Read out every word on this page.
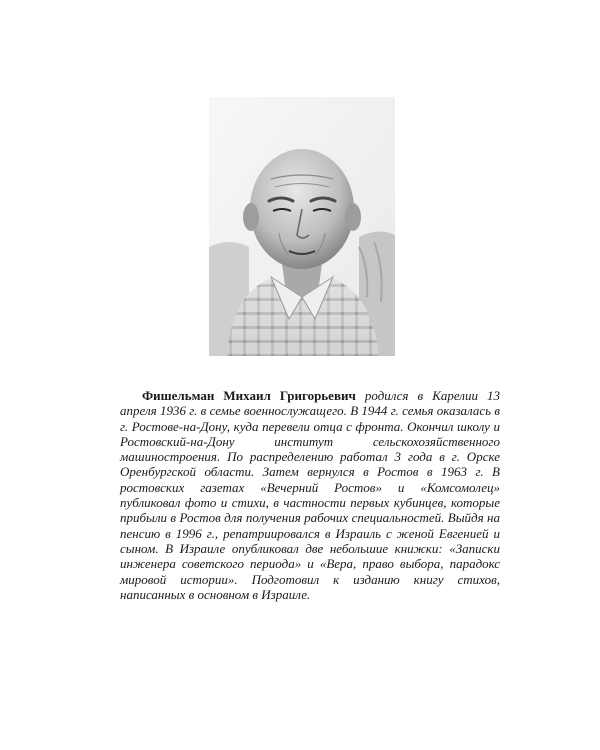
Фишельман Михаил Григорьевич родился в Карелии 13 апреля 1936 г. в семье военнослужащего. В 1944 г. семья оказалась в г. Ростове-на-Дону, куда перевели отца с фронта. Окончил школу и Ростовский-на-Дону институт сельскохозяйственного машиностроения. По распределению работал 3 года в г. Орске Оренбургской области. Затем вернулся в Ростов в 1963 г. В ростовских газетах «Вечерний Ростов» и «Комсомолец» публиковал фото и стихи, в частности первых кубинцев, которые прибыли в Ростов для получения рабочих специальностей. Выйдя на пенсию в 1996 г., репатриировался в Израиль с женой Евгенией и сыном. В Израиле опубликовал две небольшие книжки: «Записки инженера советского периода» и «Вера, право выбора, парадокс мировой истории». Подготовил к изданию книгу стихов, написанных в основном в Израиле.
